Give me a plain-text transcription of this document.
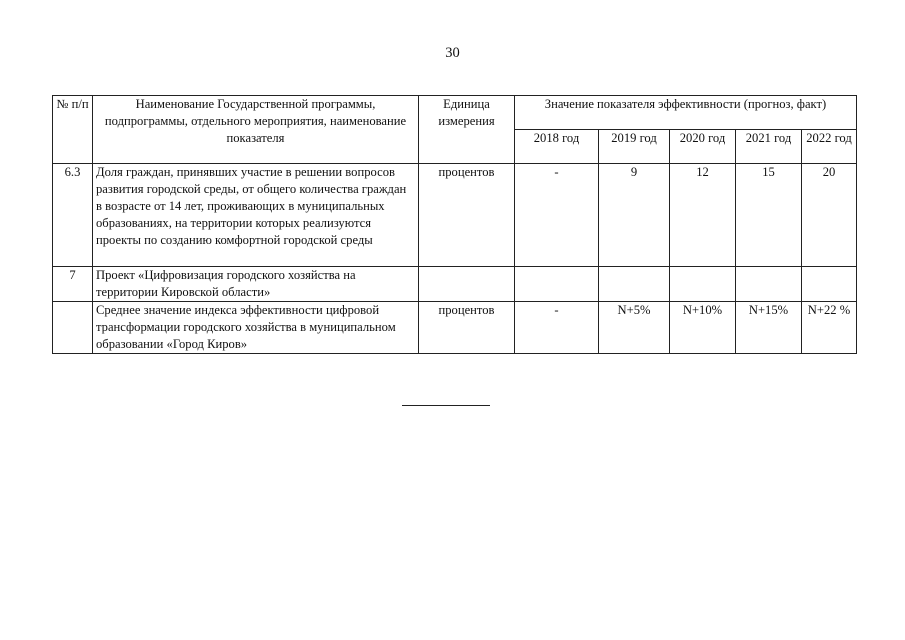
30
№ п/п	Наименование Государственной программы, подпрограммы, отдельного мероприятия, наименование показателя	Единица измерения	Значение показателя эффективности (прогноз, факт)				
			2018 год	2019 год	2020 год	2021 год	2022 год
6.3	Доля граждан, принявших участие в решении вопросов развития городской среды, от общего количества граждан в возрасте от 14 лет, проживающих в муниципальных образованиях, на территории которых реализуются проекты по созданию комфортной городской среды	процентов	-	9	12	15	20
7	Проект «Цифровизация городского хозяйства на территории Кировской области»						
	Среднее значение индекса эффективности цифровой трансформации городского хозяйства в муниципальном образовании «Город Киров»	процентов	-	N+5%	N+10%	N+15%	N+22 %
